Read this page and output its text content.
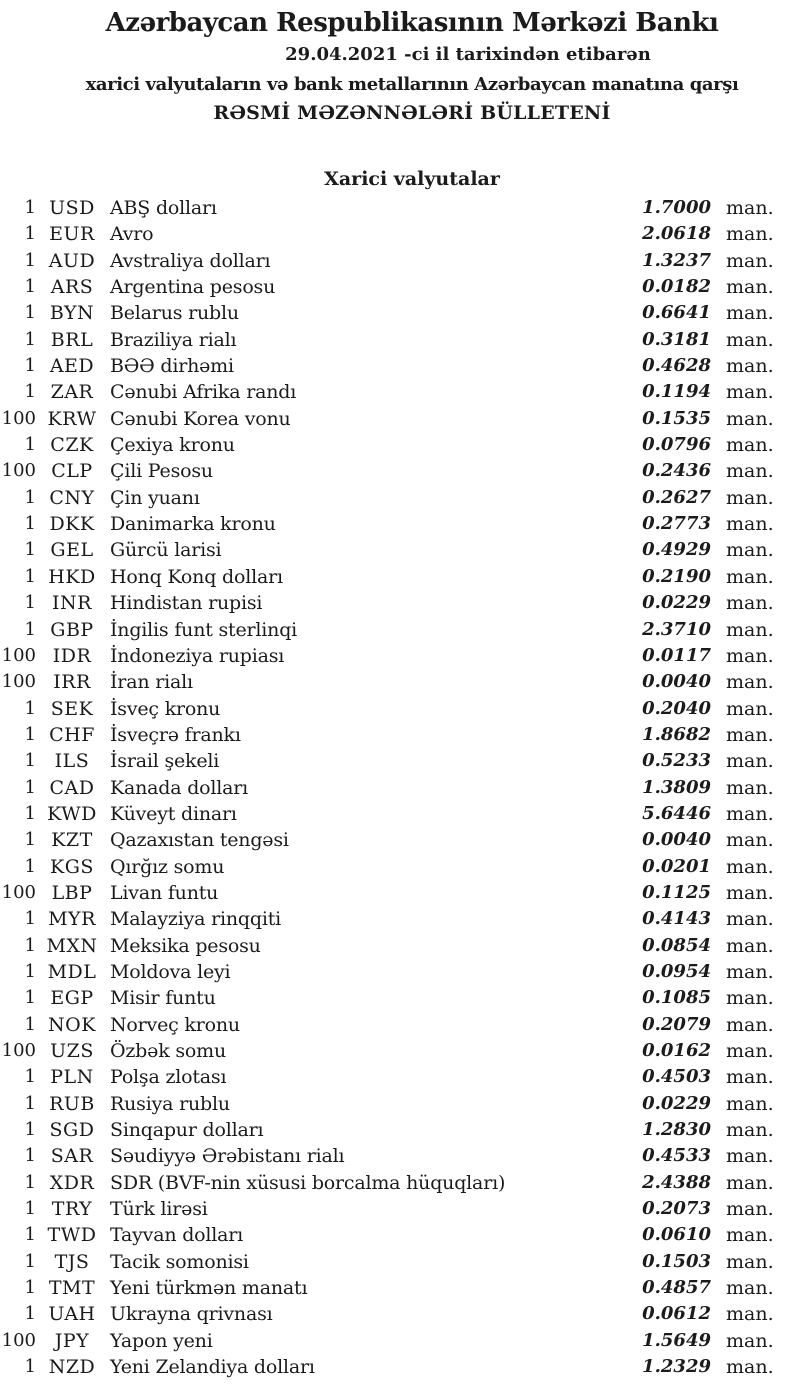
Azərbaycan Respublikasının Mərkəzi Bankı
29.04.2021 -ci il tarixindən etibarən
xarici valyutaların və bank metallarının Azərbaycan manatına qarşı
RƏSMİ MƏZƏNNƏLƏRİ BÜLLETENİ
Xarici valyutalar
1 USD ABŞ dolları	1.7000 man.
1 EUR Avro	2.0618 man.
1 AUD Avstraliya dolları	1.3237 man.
1 ARS Argentina pesosu	0.0182 man.
1 BYN Belarus rublu	0.6641 man.
1 BRL Braziliya rialı	0.3181 man.
1 AED BƏƏ dirhəmi	0.4628 man.
1 ZAR Cənubi Afrika randı	0.1194 man.
100 KRW Cənubi Korea vonu	0.1535 man.
1 CZK Çexiya kronu	0.0796 man.
100 CLP Çili Pesosu	0.2436 man.
1 CNY Çin yuanı	0.2627 man.
1 DKK Danimarka kronu	0.2773 man.
1 GEL Gürcü larisi	0.4929 man.
1 HKD Honq Konq dolları	0.2190 man.
1 INR Hindistan rupisi	0.0229 man.
1 GBP İngilis funt sterlinqi	2.3710 man.
100 IDR İndoneziya rupiası	0.0117 man.
100 IRR	İran rialı	0.0040 man.
1 SEK İsveç kronu	0.2040 man.
1 CHF İsveçrə frankı	1.8682 man.
1 ILS	İsrail şekeli	0.5233 man.
1 CAD Kanada dolları	1.3809 man.
1 KWD Küveyt dinarı	5.6446 man.
1 KZT Qazaxıstan tengəsi	0.0040 man.
1 KGS Qırğız somu	0.0201 man.
100 LBP Livan funtu	0.1125 man.
1 MYR Malayziya rinqqiti	0.4143 man.
1 MXN Meksika pesosu	0.0854 man.
1 MDL Moldova leyi	0.0954 man.
1 EGP Misir funtu	0.1085 man.
1 NOK Norveç kronu	0.2079 man.
100 UZS Özbək somu	0.0162 man.
1 PLN Polşa zlotası	0.4503 man.
1 RUB Rusiya rublu	0.0229 man.
1 SGD Sinqapur dolları	1.2830 man.
1 SAR Səudiyyə Ərəbistanı rialı	0.4533 man.
1 XDR SDR (BVF-nin xüsusi borcalma hüquqları)	2.4388 man.
1 TRY Türk lirəsi	0.2073 man.
1 TWD Tayvan dolları	0.0610 man.
1 TJS	Tacik somonisi	0.1503 man.
1 TMT Yeni türkmən manatı	0.4857 man.
1 UAH Ukrayna qrivnası	0.0612 man.
100 JPY	Yapon yeni	1.5649 man.
1 NZD Yeni Zelandiya dolları	1.2329 man.
